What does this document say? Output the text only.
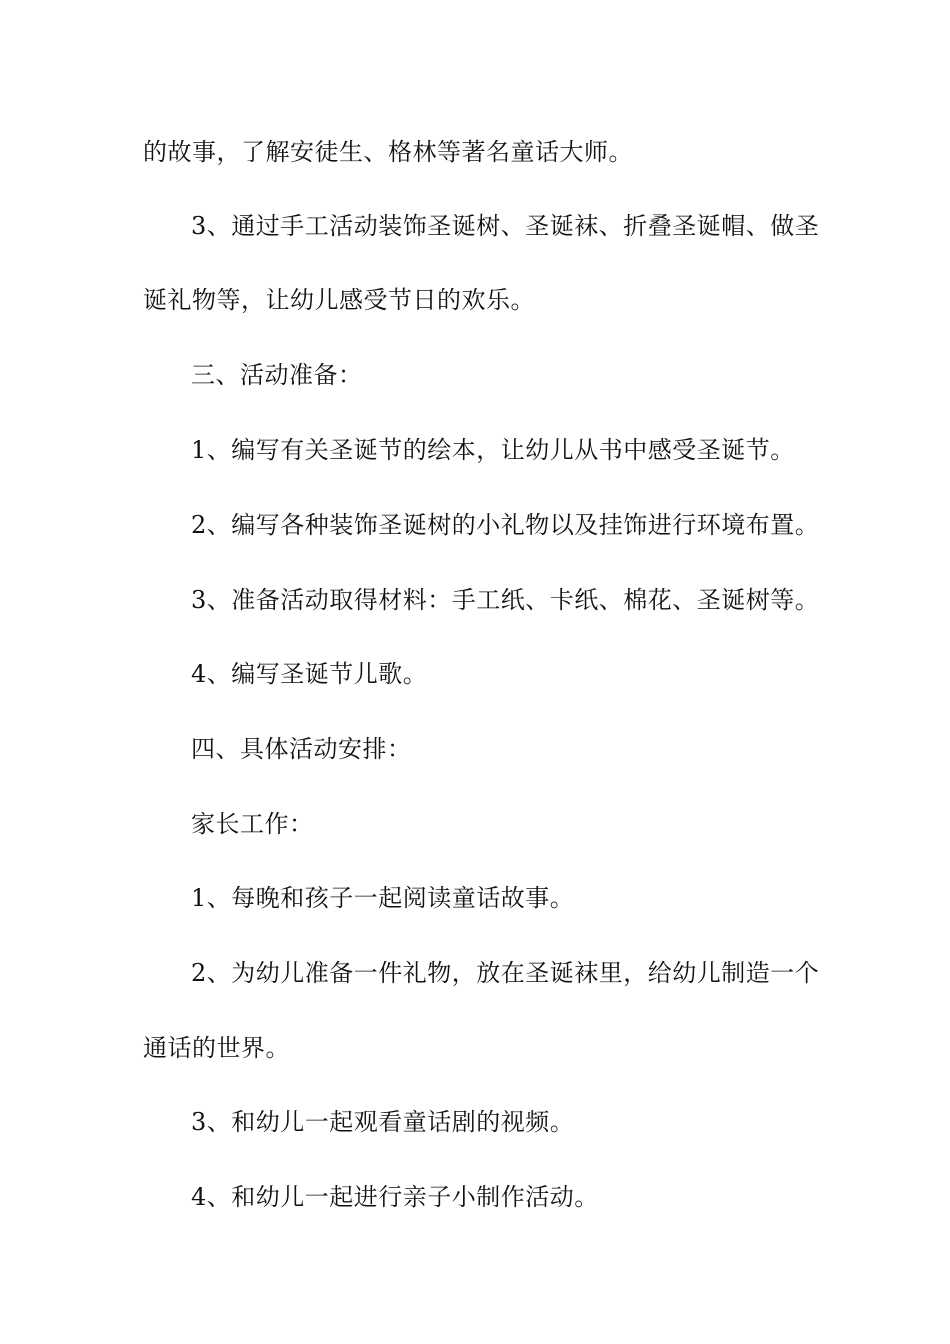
的故事，了解安徒生、格林等著名童话大师。
3、通过手工活动装饰圣诞树、圣诞袜、折叠圣诞帽、做圣
诞礼物等，让幼儿感受节日的欢乐。
三、活动准备：
1、编写有关圣诞节的绘本，让幼儿从书中感受圣诞节。
2、编写各种装饰圣诞树的小礼物以及挂饰进行环境布置。
3、准备活动取得材料：手工纸、卡纸、棉花、圣诞树等。
4、编写圣诞节儿歌。
四、具体活动安排：
家长工作：
1、每晚和孩子一起阅读童话故事。
2、为幼儿准备一件礼物，放在圣诞袜里，给幼儿制造一个
通话的世界。
3、和幼儿一起观看童话剧的视频。
4、和幼儿一起进行亲子小制作活动。
